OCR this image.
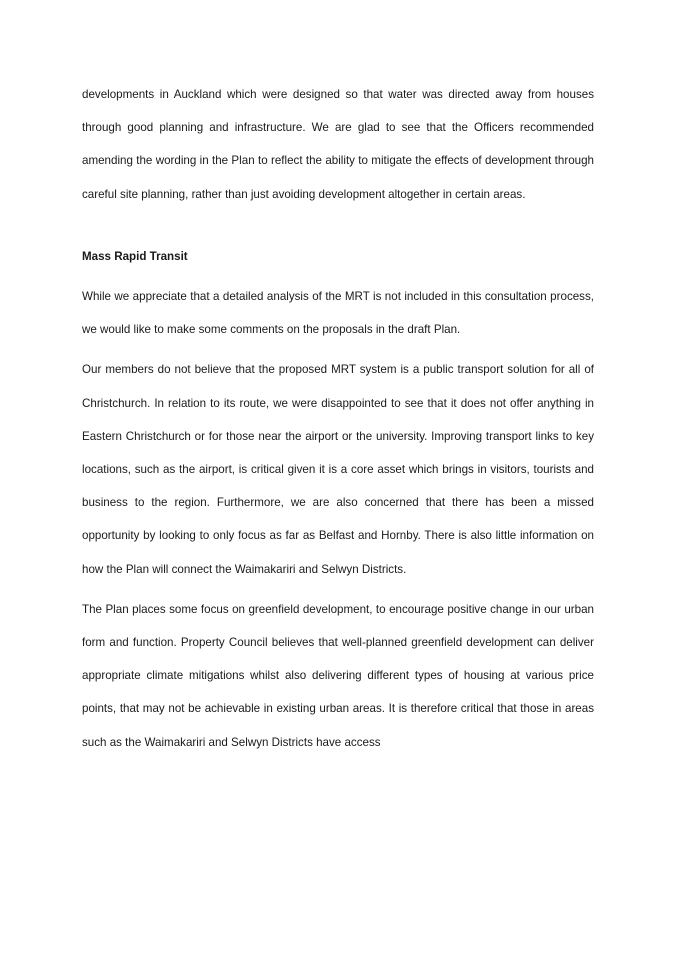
developments in Auckland which were designed so that water was directed away from houses through good planning and infrastructure. We are glad to see that the Officers recommended amending the wording in the Plan to reflect the ability to mitigate the effects of development through careful site planning, rather than just avoiding development altogether in certain areas.

Mass Rapid Transit

While we appreciate that a detailed analysis of the MRT is not included in this consultation process, we would like to make some comments on the proposals in the draft Plan.

Our members do not believe that the proposed MRT system is a public transport solution for all of Christchurch. In relation to its route, we were disappointed to see that it does not offer anything in Eastern Christchurch or for those near the airport or the university. Improving transport links to key locations, such as the airport, is critical given it is a core asset which brings in visitors, tourists and business to the region. Furthermore, we are also concerned that there has been a missed opportunity by looking to only focus as far as Belfast and Hornby. There is also little information on how the Plan will connect the Waimakariri and Selwyn Districts.

The Plan places some focus on greenfield development, to encourage positive change in our urban form and function. Property Council believes that well-planned greenfield development can deliver appropriate climate mitigations whilst also delivering different types of housing at various price points, that may not be achievable in existing urban areas. It is therefore critical that those in areas such as the Waimakariri and Selwyn Districts have access
